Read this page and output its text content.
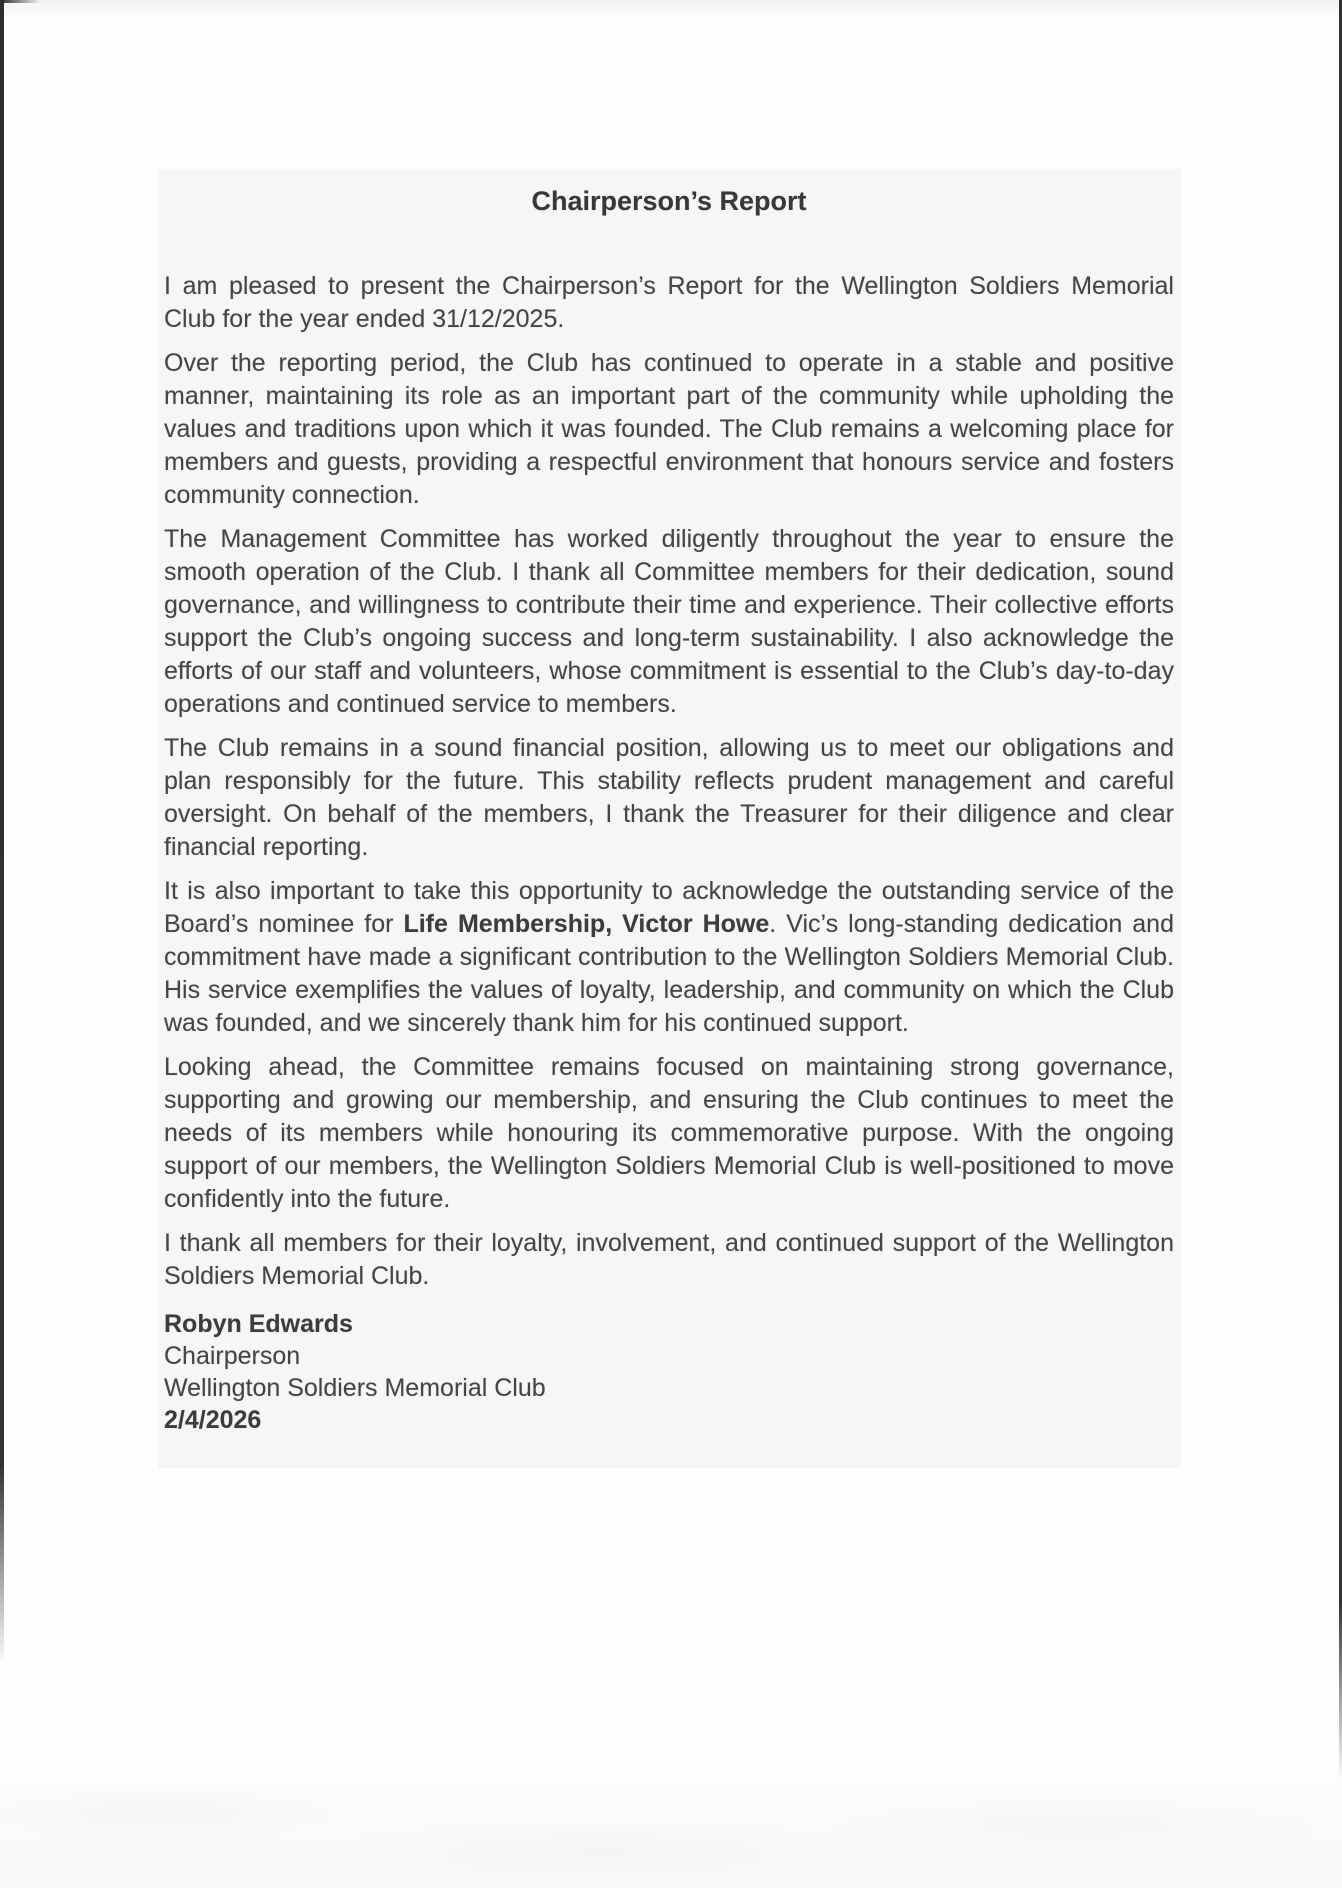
Chairperson’s Report

I am pleased to present the Chairperson’s Report for the Wellington Soldiers Memorial Club for the year ended 31/12/2025.

Over the reporting period, the Club has continued to operate in a stable and positive manner, maintaining its role as an important part of the community while upholding the values and traditions upon which it was founded. The Club remains a welcoming place for members and guests, providing a respectful environment that honours service and fosters community connection.

The Management Committee has worked diligently throughout the year to ensure the smooth operation of the Club. I thank all Committee members for their dedication, sound governance, and willingness to contribute their time and experience. Their collective efforts support the Club’s ongoing success and long-term sustainability. I also acknowledge the efforts of our staff and volunteers, whose commitment is essential to the Club’s day-to-day operations and continued service to members.

The Club remains in a sound financial position, allowing us to meet our obligations and plan responsibly for the future. This stability reflects prudent management and careful oversight. On behalf of the members, I thank the Treasurer for their diligence and clear financial reporting.

It is also important to take this opportunity to acknowledge the outstanding service of the Board’s nominee for Life Membership, Victor Howe. Vic’s long-standing dedication and commitment have made a significant contribution to the Wellington Soldiers Memorial Club. His service exemplifies the values of loyalty, leadership, and community on which the Club was founded, and we sincerely thank him for his continued support.

Looking ahead, the Committee remains focused on maintaining strong governance, supporting and growing our membership, and ensuring the Club continues to meet the needs of its members while honouring its commemorative purpose. With the ongoing support of our members, the Wellington Soldiers Memorial Club is well-positioned to move confidently into the future.

I thank all members for their loyalty, involvement, and continued support of the Wellington Soldiers Memorial Club.

Robyn Edwards
Chairperson
Wellington Soldiers Memorial Club
2/4/2026
